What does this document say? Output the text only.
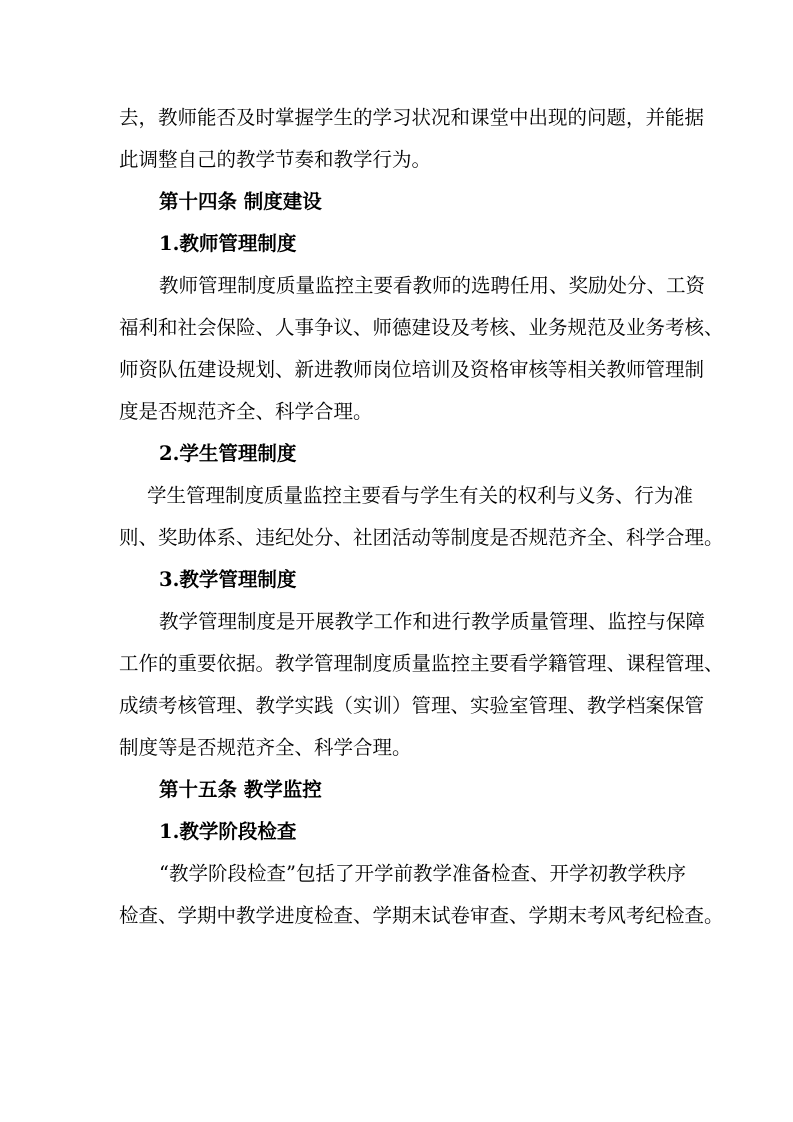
去，教师能否及时掌握学生的学习状况和课堂中出现的问题，并能据
此调整自己的教学节奏和教学行为。
第十四条 制度建设
1.教师管理制度
教师管理制度质量监控主要看教师的选聘任用、奖励处分、工资
福利和社会保险、人事争议、师德建设及考核、业务规范及业务考核、
师资队伍建设规划、新进教师岗位培训及资格审核等相关教师管理制
度是否规范齐全、科学合理。
2.学生管理制度
学生管理制度质量监控主要看与学生有关的权利与义务、行为准
则、奖助体系、违纪处分、社团活动等制度是否规范齐全、科学合理。
3.教学管理制度
教学管理制度是开展教学工作和进行教学质量管理、监控与保障
工作的重要依据。教学管理制度质量监控主要看学籍管理、课程管理、
成绩考核管理、教学实践（实训）管理、实验室管理、教学档案保管
制度等是否规范齐全、科学合理。
第十五条 教学监控
1.教学阶段检查
“教学阶段检查”包括了开学前教学准备检查、开学初教学秩序
检查、学期中教学进度检查、学期末试卷审查、学期末考风考纪检查。
